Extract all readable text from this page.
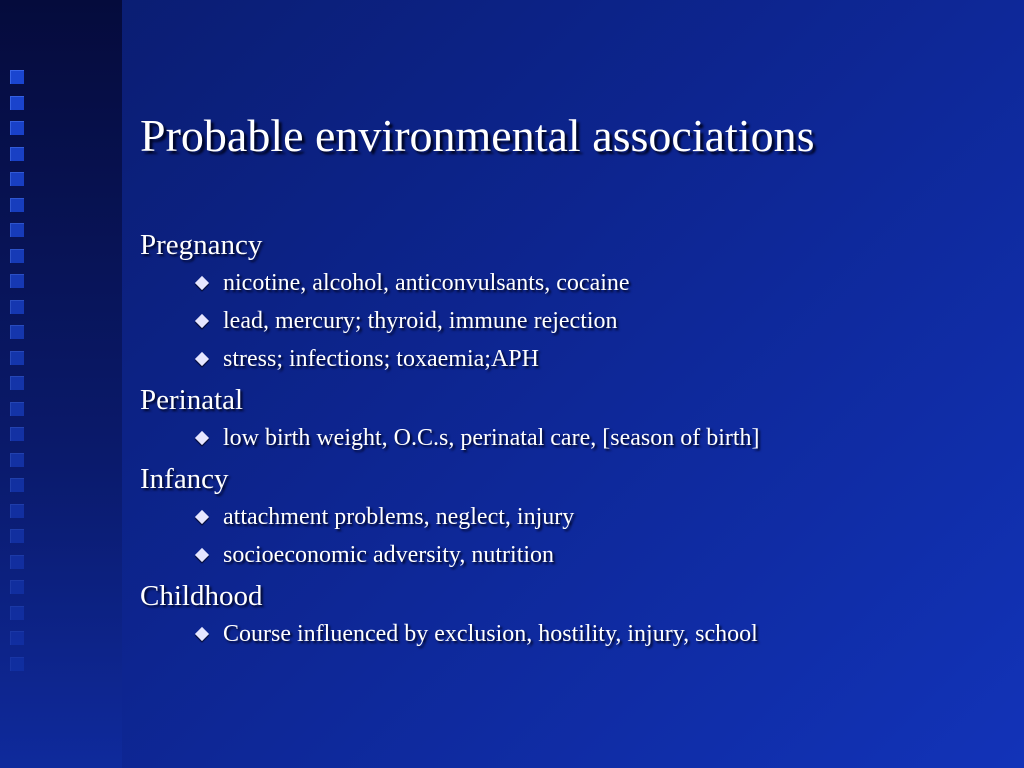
Probable environmental associations
Pregnancy
nicotine, alcohol, anticonvulsants, cocaine
lead, mercury; thyroid, immune rejection
stress; infections; toxaemia;APH
Perinatal
low birth weight, O.C.s, perinatal care, [season of birth]
Infancy
attachment problems, neglect, injury
socioeconomic adversity, nutrition
Childhood
Course influenced by exclusion, hostility, injury, school
